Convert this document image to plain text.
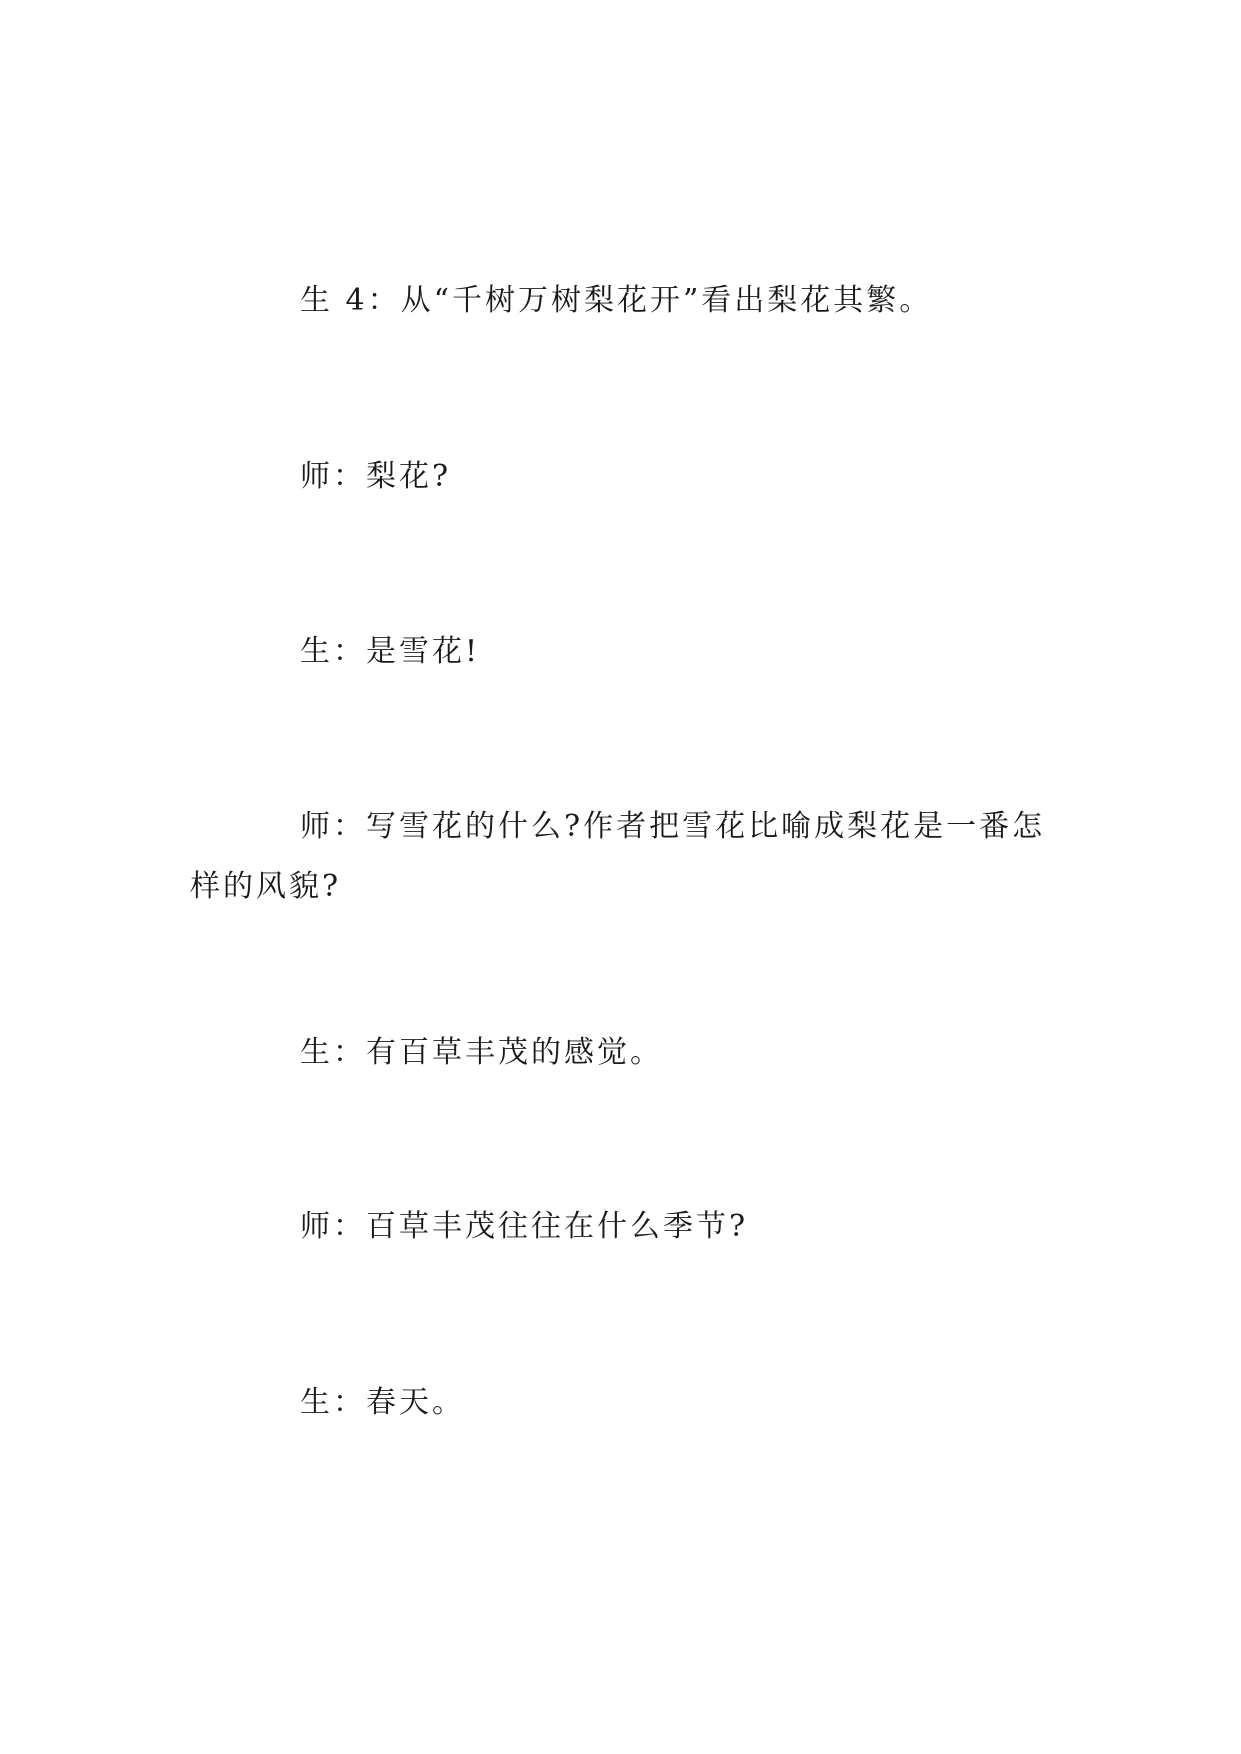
生 4：从“千树万树梨花开”看出梨花其繁。

师：梨花?

生：是雪花!

师：写雪花的什么?作者把雪花比喻成梨花是一番怎样的风貌?

生：有百草丰茂的感觉。

师：百草丰茂往往在什么季节?

生：春天。
